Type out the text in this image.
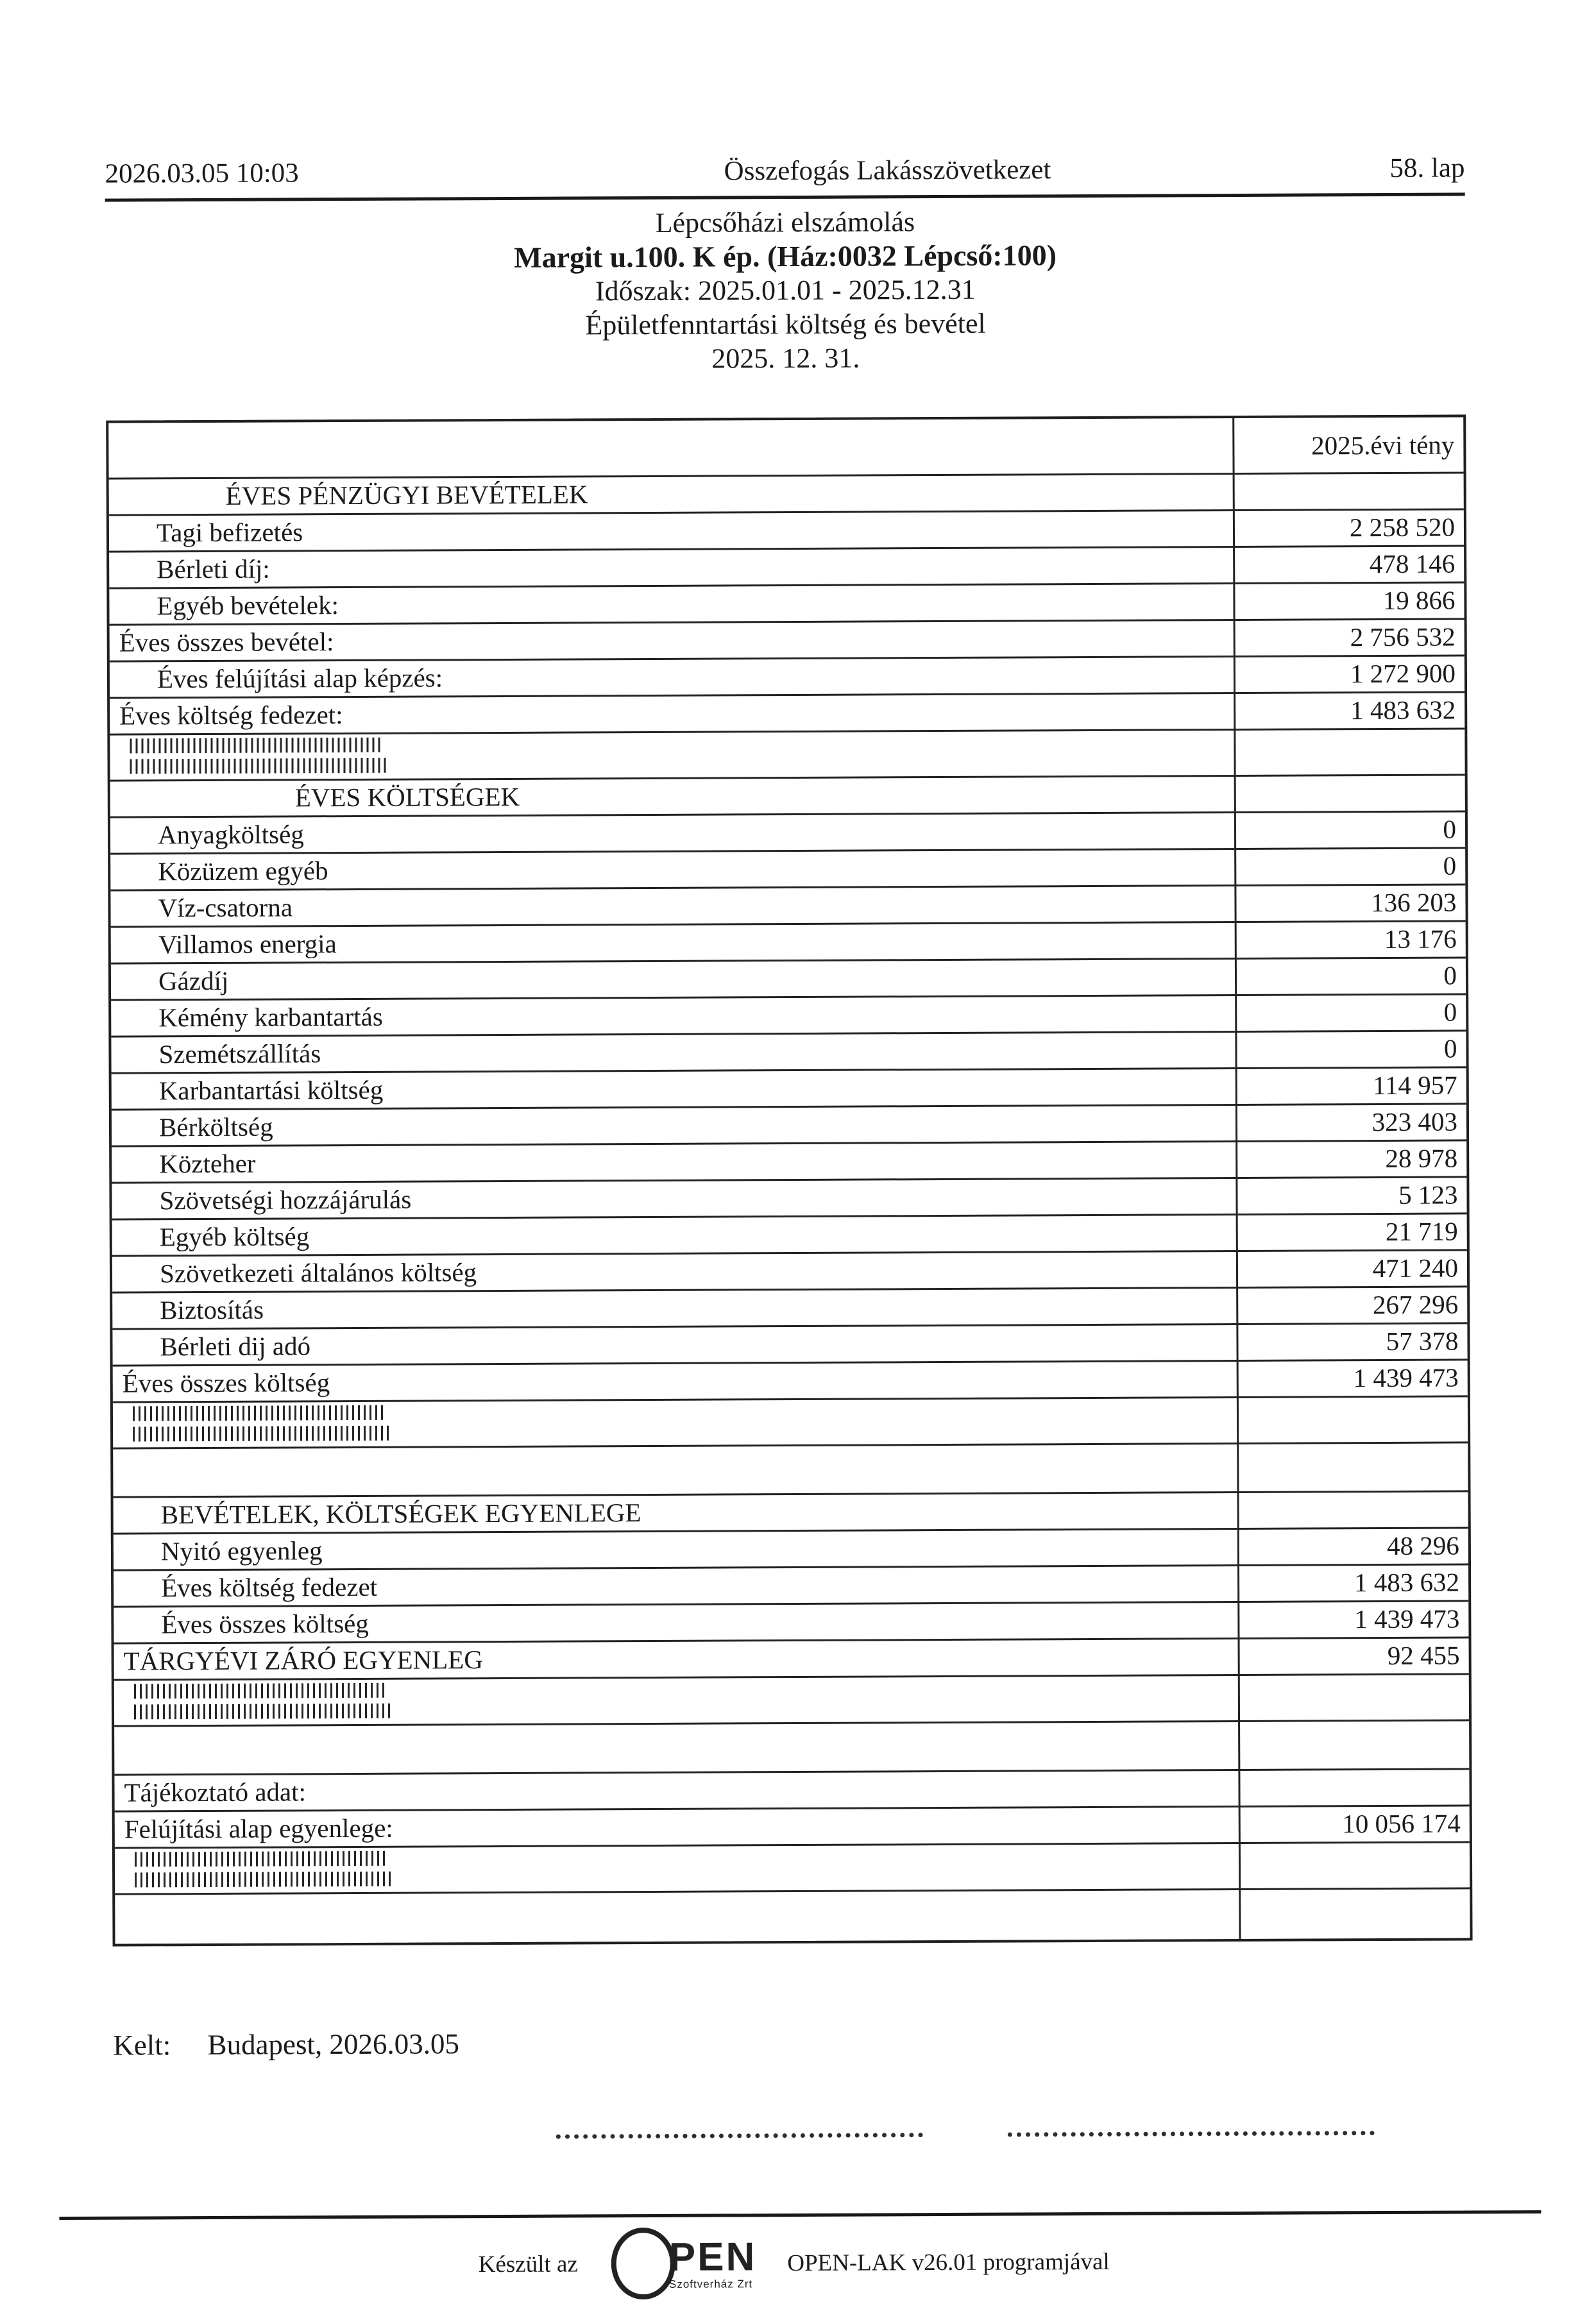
2026.03.05 10:03	Összefogás Lakásszövetkezet	58. lap
Lépcsőházi elszámolás
Margit u.100. K ép. (Ház:0032 Lépcső:100)
Időszak: 2025.01.01 - 2025.12.31
Épületfenntartási költség és bevétel
2025. 12. 31.
2025.évi tény
ÉVES PÉNZÜGYI BEVÉTELEK
Tagi befizetés	2 258 520
Bérleti díj:	478 146
Egyéb bevételek:	19 866
Éves összes bevétel:	2 756 532
Éves felújítási alap képzés:	1 272 900
Éves költség fedezet:	1 483 632
ÉVES KÖLTSÉGEK
Anyagköltség	0
Közüzem egyéb	0
Víz-csatorna	136 203
Villamos energia	13 176
Gázdíj	0
Kémény karbantartás	0
Szemétszállítás	0
Karbantartási költség	114 957
Bérköltség	323 403
Közteher	28 978
Szövetségi hozzájárulás	5 123
Egyéb költség	21 719
Szövetkezeti általános költség	471 240
Biztosítás	267 296
Bérleti dij adó	57 378
Éves összes költség	1 439 473
BEVÉTELEK, KÖLTSÉGEK EGYENLEGE
Nyitó egyenleg	48 296
Éves költség fedezet	1 483 632
Éves összes költség	1 439 473
TÁRGYÉVI ZÁRÓ EGYENLEG	92 455
Tájékoztató adat:
Felújítási alap egyenlege:	10 056 174
Kelt: Budapest, 2026.03.05
Készült az PEN
Szoftverház Zrt
OPEN-LAK v26.01 programjával
